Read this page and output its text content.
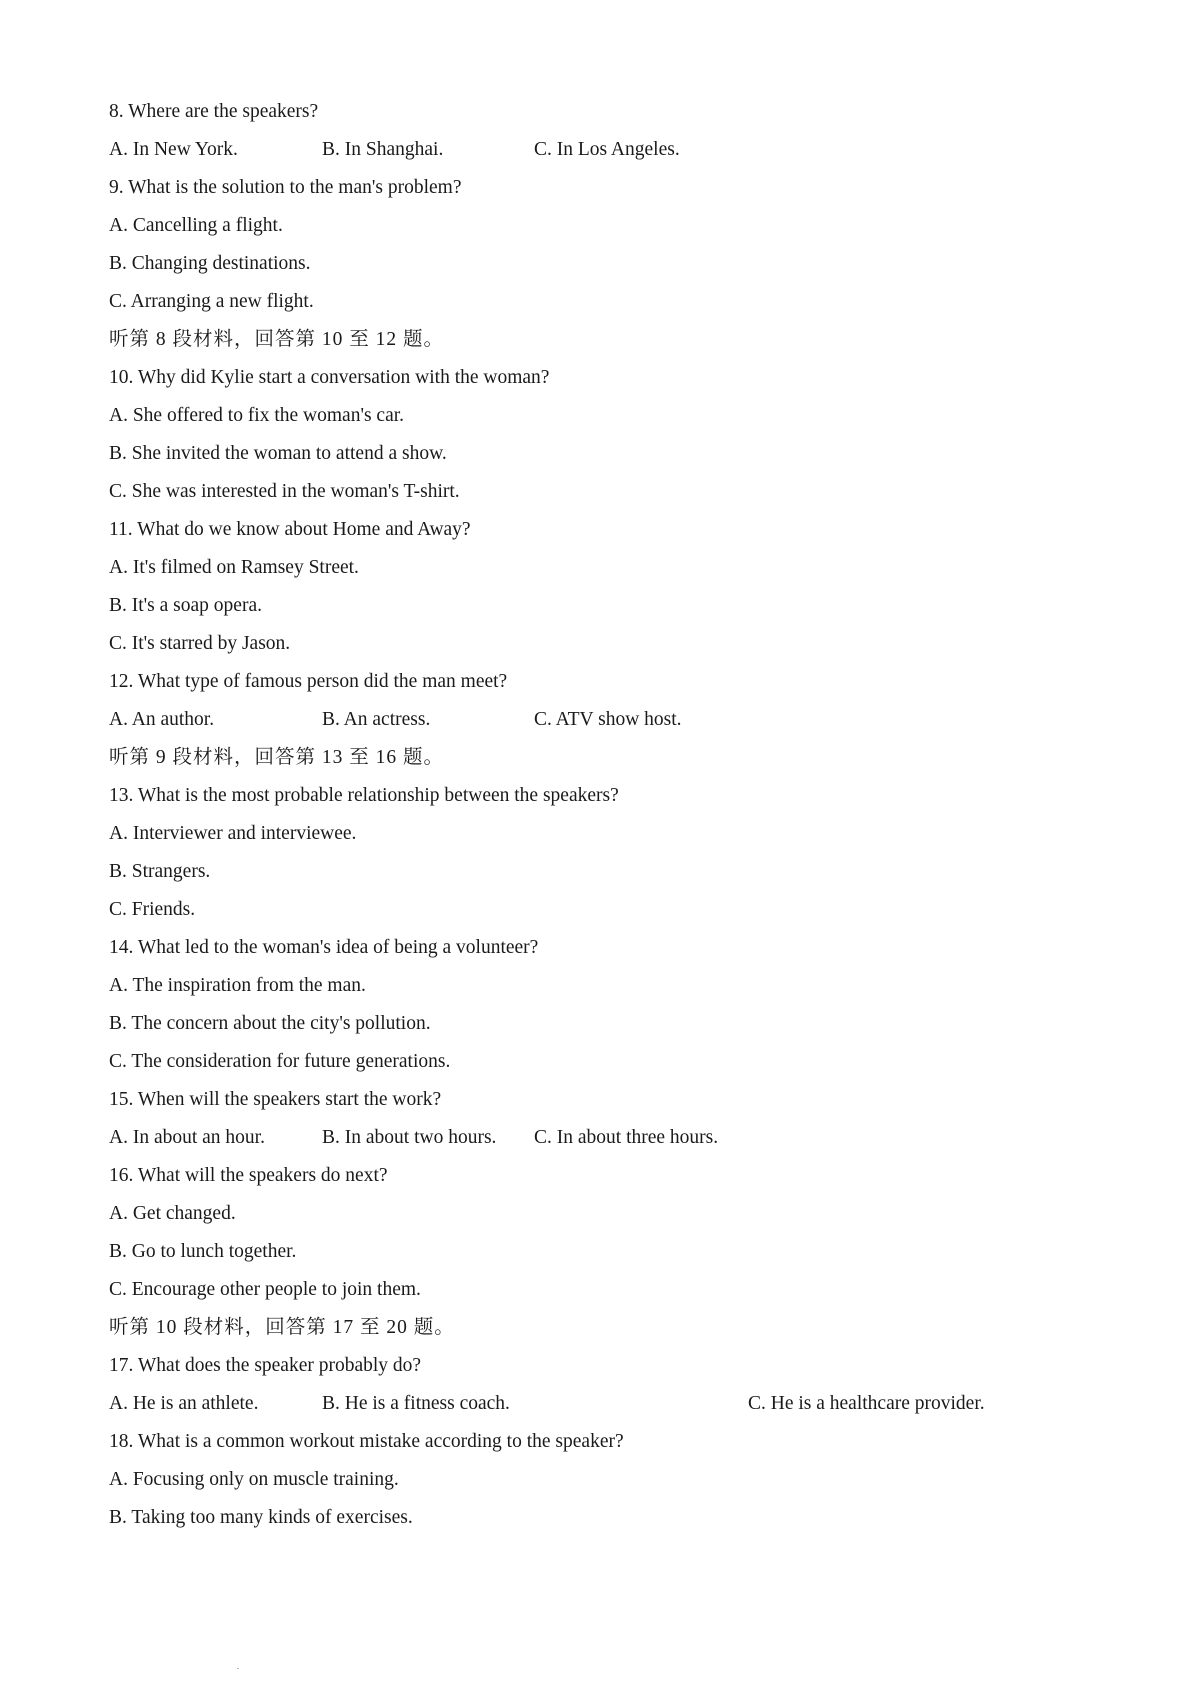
8. Where are the speakers?
A. In New York.	B. In Shanghai.	C. In Los Angeles.
9. What is the solution to the man's problem?
A. Cancelling a flight.
B. Changing destinations.
C. Arranging a new flight.
听第 8 段材料，回答第 10 至 12 题。
10. Why did Kylie start a conversation with the woman?
A. She offered to fix the woman's car.
B. She invited the woman to attend a show.
C. She was interested in the woman's T-shirt.
11. What do we know about Home and Away?
A. It's filmed on Ramsey Street.
B. It's a soap opera.
C. It's starred by Jason.
12. What type of famous person did the man meet?
A. An author.	B. An actress.	C. ATV show host.
听第 9 段材料，回答第 13 至 16 题。
13. What is the most probable relationship between the speakers?
A. Interviewer and interviewee.
B. Strangers.
C. Friends.
14. What led to the woman's idea of being a volunteer?
A. The inspiration from the man.
B. The concern about the city's pollution.
C. The consideration for future generations.
15. When will the speakers start the work?
A. In about an hour.	B. In about two hours. C. In about three hours.
16. What will the speakers do next?
A. Get changed.
B. Go to lunch together.
C. Encourage other people to join them.
听第 10 段材料，回答第 17 至 20 题。
17. What does the speaker probably do?
A. He is an athlete.	B. He is a fitness coach.	C. He is a healthcare provider.
18. What is a common workout mistake according to the speaker?
A. Focusing only on muscle training.
B. Taking too many kinds of exercises.
